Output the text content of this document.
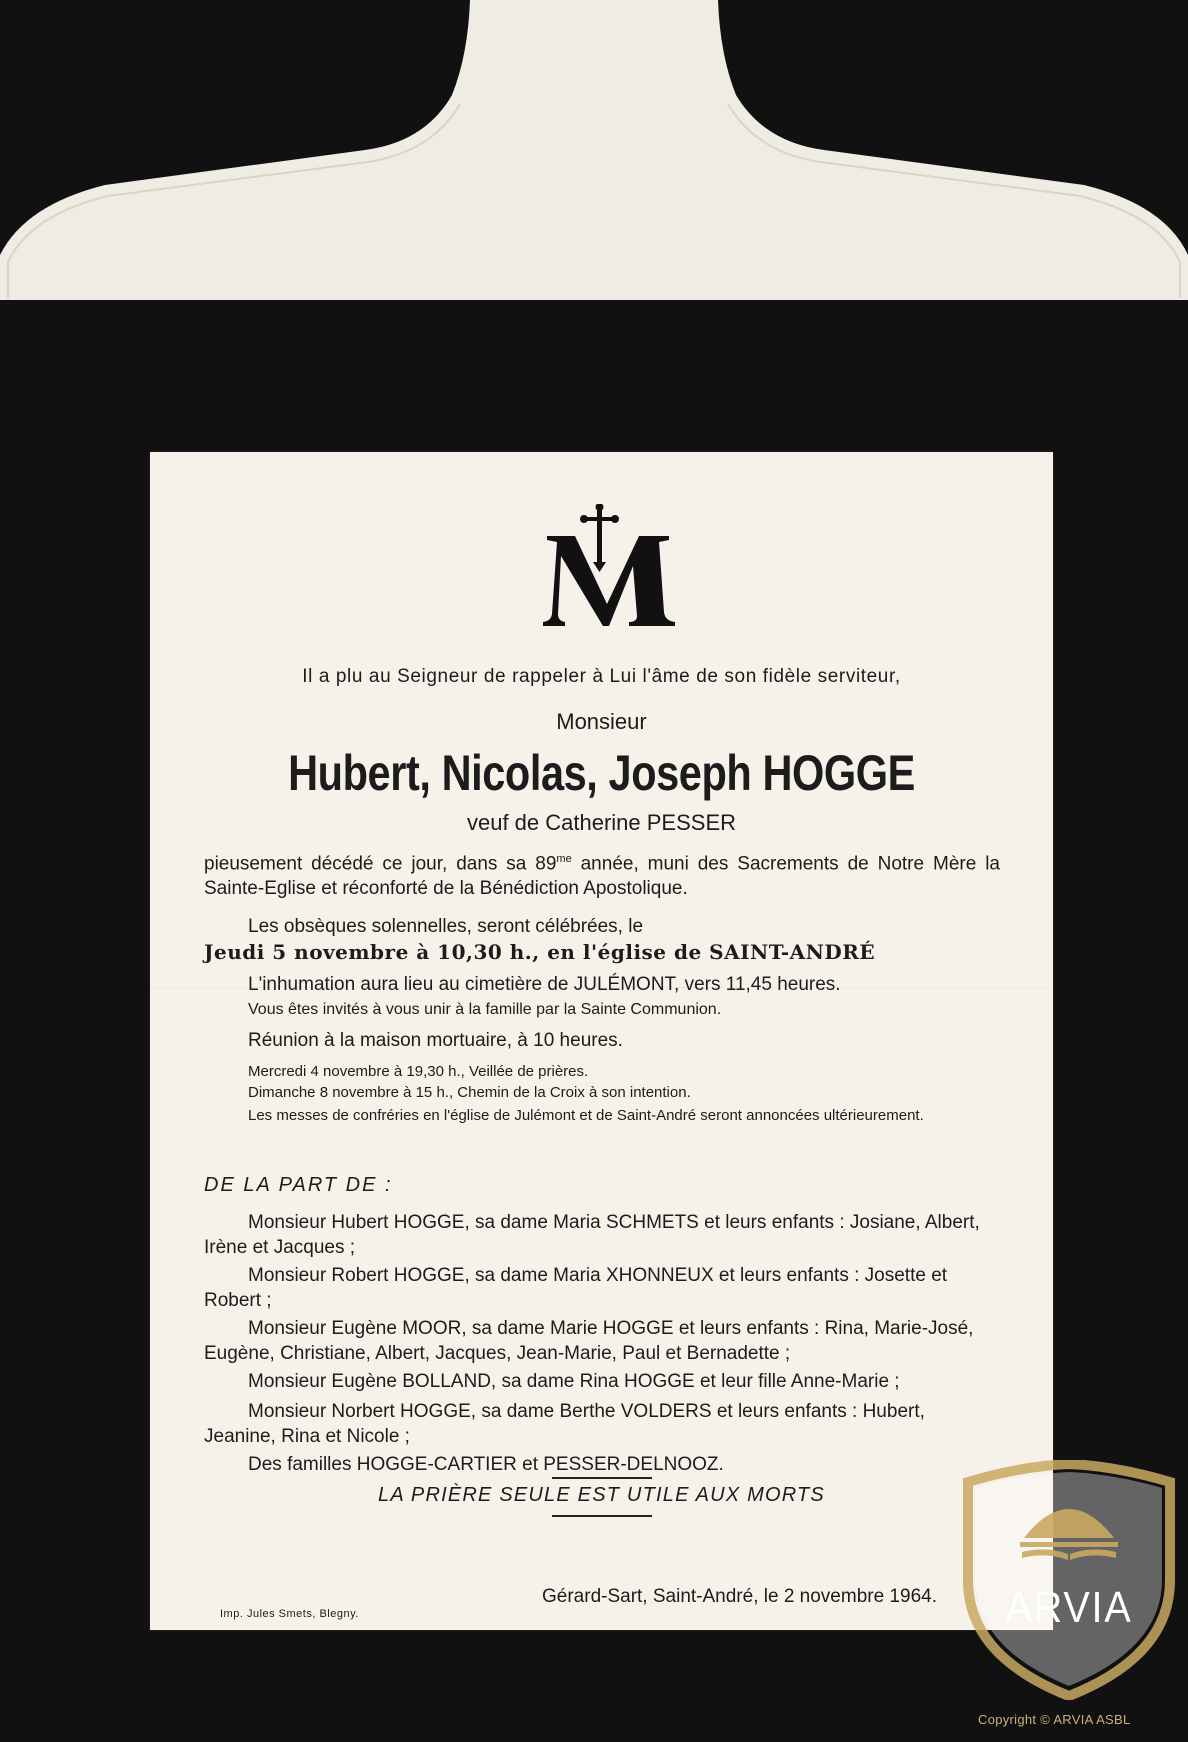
Il a plu au Seigneur de rappeler à Lui l'âme de son fidèle serviteur,
Monsieur
Hubert, Nicolas, Joseph HOGGE
veuf de Catherine PESSER
pieusement décédé ce jour, dans sa $89^{me}$ année, muni des Sacrements de Notre Mère la Sainte-Eglise et réconforté de la Bénédiction Apostolique.
Les obsèques solennelles, seront célébrées, le
Jeudi 5 novembre à 10,30 h., en l'église de SAINT-ANDRÉ
L'inhumation aura lieu au cimetière de JULÉMONT, vers 11,45 heures.
Vous êtes invités à vous unir à la famille par la Sainte Communion.
Réunion à la maison mortuaire, à 10 heures.
Mercredi 4 novembre à 19,30 h., Veillée de prières.
Dimanche 8 novembre à 15 h., Chemin de la Croix à son intention.
Les messes de confréries en l'église de Julémont et de Saint-André seront annoncées ultérieurement.
DE LA PART DE :
Monsieur Hubert HOGGE, sa dame Maria SCHMETS et leurs enfants : Josiane, Albert, Irène et Jacques ;
Monsieur Robert HOGGE, sa dame Maria XHONNEUX et leurs enfants : Josette et Robert ;
Monsieur Eugène MOOR, sa dame Marie HOGGE et leurs enfants : Rina, Marie-José, Eugène, Christiane, Albert, Jacques, Jean-Marie, Paul et Bernadette ;
Monsieur Eugène BOLLAND, sa dame Rina HOGGE et leur fille Anne-Marie ;
Monsieur Norbert HOGGE, sa dame Berthe VOLDERS et leurs enfants : Hubert, Jeanine, Rina et Nicole ;
Des familles HOGGE-CARTIER et PESSER-DELNOOZ.
LA PRIÈRE SEULE EST UTILE AUX MORTS
Gérard-Sart, Saint-André, le 2 novembre 1964.
Imp. Jules Smets, Blegny.	ARVIA
Copyright © ARVIA ASBL
